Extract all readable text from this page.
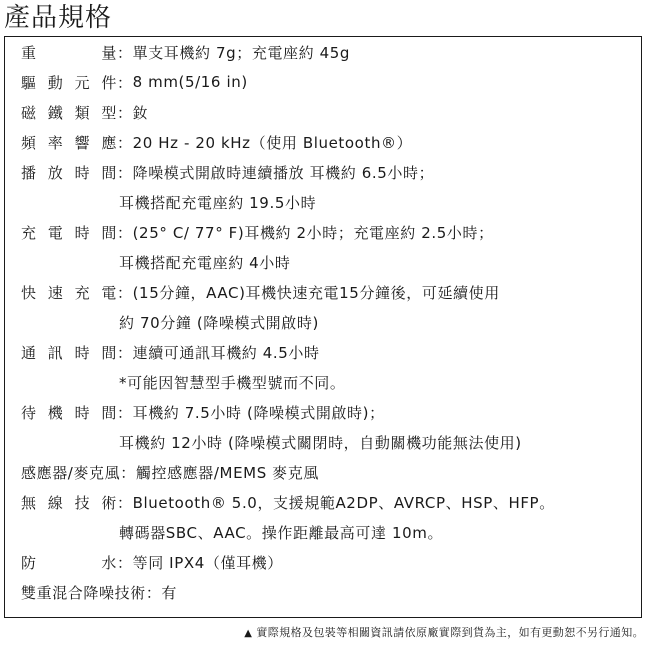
產品規格
重　　量 ： 單支耳機約 7g；充電座約 45g
驅動元件 ： 8 mm(5/16 in)
磁鐵類型 ： 釹
頻率響應 ： 20 Hz - 20 kHz（使用 Bluetooth®）
播放時間 ： 降噪模式開啟時連續播放 耳機約 6.5小時；
耳機搭配充電座約 19.5小時
充電時間 ： (25° C/ 77° F)耳機約 2小時；充電座約 2.5小時；
耳機搭配充電座約 4小時
快速充電 ： (15分鐘，AAC)耳機快速充電15分鐘後，可延續使用
約 70分鐘 (降噪模式開啟時)
通訊時間 ： 連續可通訊耳機約 4.5小時
*可能因智慧型手機型號而不同。
待機時間 ： 耳機約 7.5小時 (降噪模式開啟時)；
耳機約 12小時 (降噪模式關閉時，自動關機功能無法使用)
感應器/麥克風 ： 觸控感應器/MEMS 麥克風
無線技術 ： Bluetooth® 5.0，支援規範A2DP、AVRCP、HSP、HFP。
轉碼器SBC、AAC。操作距離最高可達 10m。
防　　水 ： 等同 IPX4（僅耳機）
雙重混合降噪技術 ： 有
▲ 實際規格及包裝等相關資訊請依原廠實際到貨為主，如有更動恕不另行通知。
